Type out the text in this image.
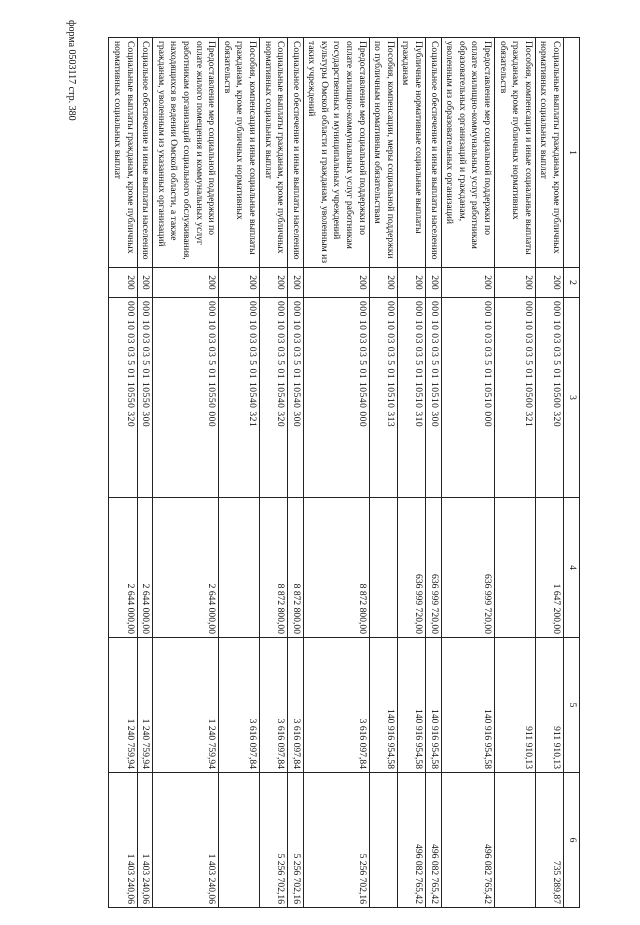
форма 0503117 стр. 380
1	2	3	4	5	6
Социальные выплаты гражданам, кроме публичных нормативных социальных выплат	200	000 10 03 03 5 01 10500 320	1 647 200,00	911 910,13	735 289,87
Пособия, компенсации и иные социальные выплаты гражданам, кроме публичных нормативных обязательств	200	000 10 03 03 5 01 10500 321		911 910,13	
Предоставление мер социальной поддержки по оплате жилищно-коммунальных услуг работникам образовательных организаций и гражданам, уволенным из образовательных организаций	200	000 10 03 03 5 01 10510 000	636 999 720,00	140 916 954,58	496 082 765,42
Социальное обеспечение и иные выплаты населению	200	000 10 03 03 5 01 10510 300	636 999 720,00	140 916 954,58	496 082 765,42
Публичные нормативные социальные выплаты гражданам	200	000 10 03 03 5 01 10510 310	636 999 720,00	140 916 954,58	496 082 765,42
Пособия, компенсации, меры социальной поддержки по публичным нормативным обязательствам	200	000 10 03 03 5 01 10510 313		140 916 954,58	
Предоставление мер социальной поддержки по оплате жилищно-коммунальных услуг работникам государственных и муниципальных учреждений культуры Омской области и гражданам, уволенным из таких учреждений	200	000 10 03 03 5 01 10540 000	8 872 800,00	3 616 097,84	5 256 702,16
Социальное обеспечение и иные выплаты населению	200	000 10 03 03 5 01 10540 300	8 872 800,00	3 616 097,84	5 256 702,16
Социальные выплаты гражданам, кроме публичных нормативных социальных выплат	200	000 10 03 03 5 01 10540 320	8 872 800,00	3 616 097,84	5 256 702,16
Пособия, компенсации и иные социальные выплаты гражданам, кроме публичных нормативных обязательств	200	000 10 03 03 5 01 10540 321		3 616 097,84	
Предоставление мер социальной поддержки по оплате жилого помещения и коммунальных услуг работникам организаций социального обслуживания, находящихся в ведении Омской области, а также гражданам, уволенным из указанных организаций	200	000 10 03 03 5 01 10550 000	2 644 000,00	1 240 759,94	1 403 240,06
Социальное обеспечение и иные выплаты населению	200	000 10 03 03 5 01 10550 300	2 644 000,00	1 240 759,94	1 403 240,06
Социальные выплаты гражданам, кроме публичных нормативных социальных выплат	200	000 10 03 03 5 01 10550 320	2 644 000,00	1 240 759,94	1 403 240,06
